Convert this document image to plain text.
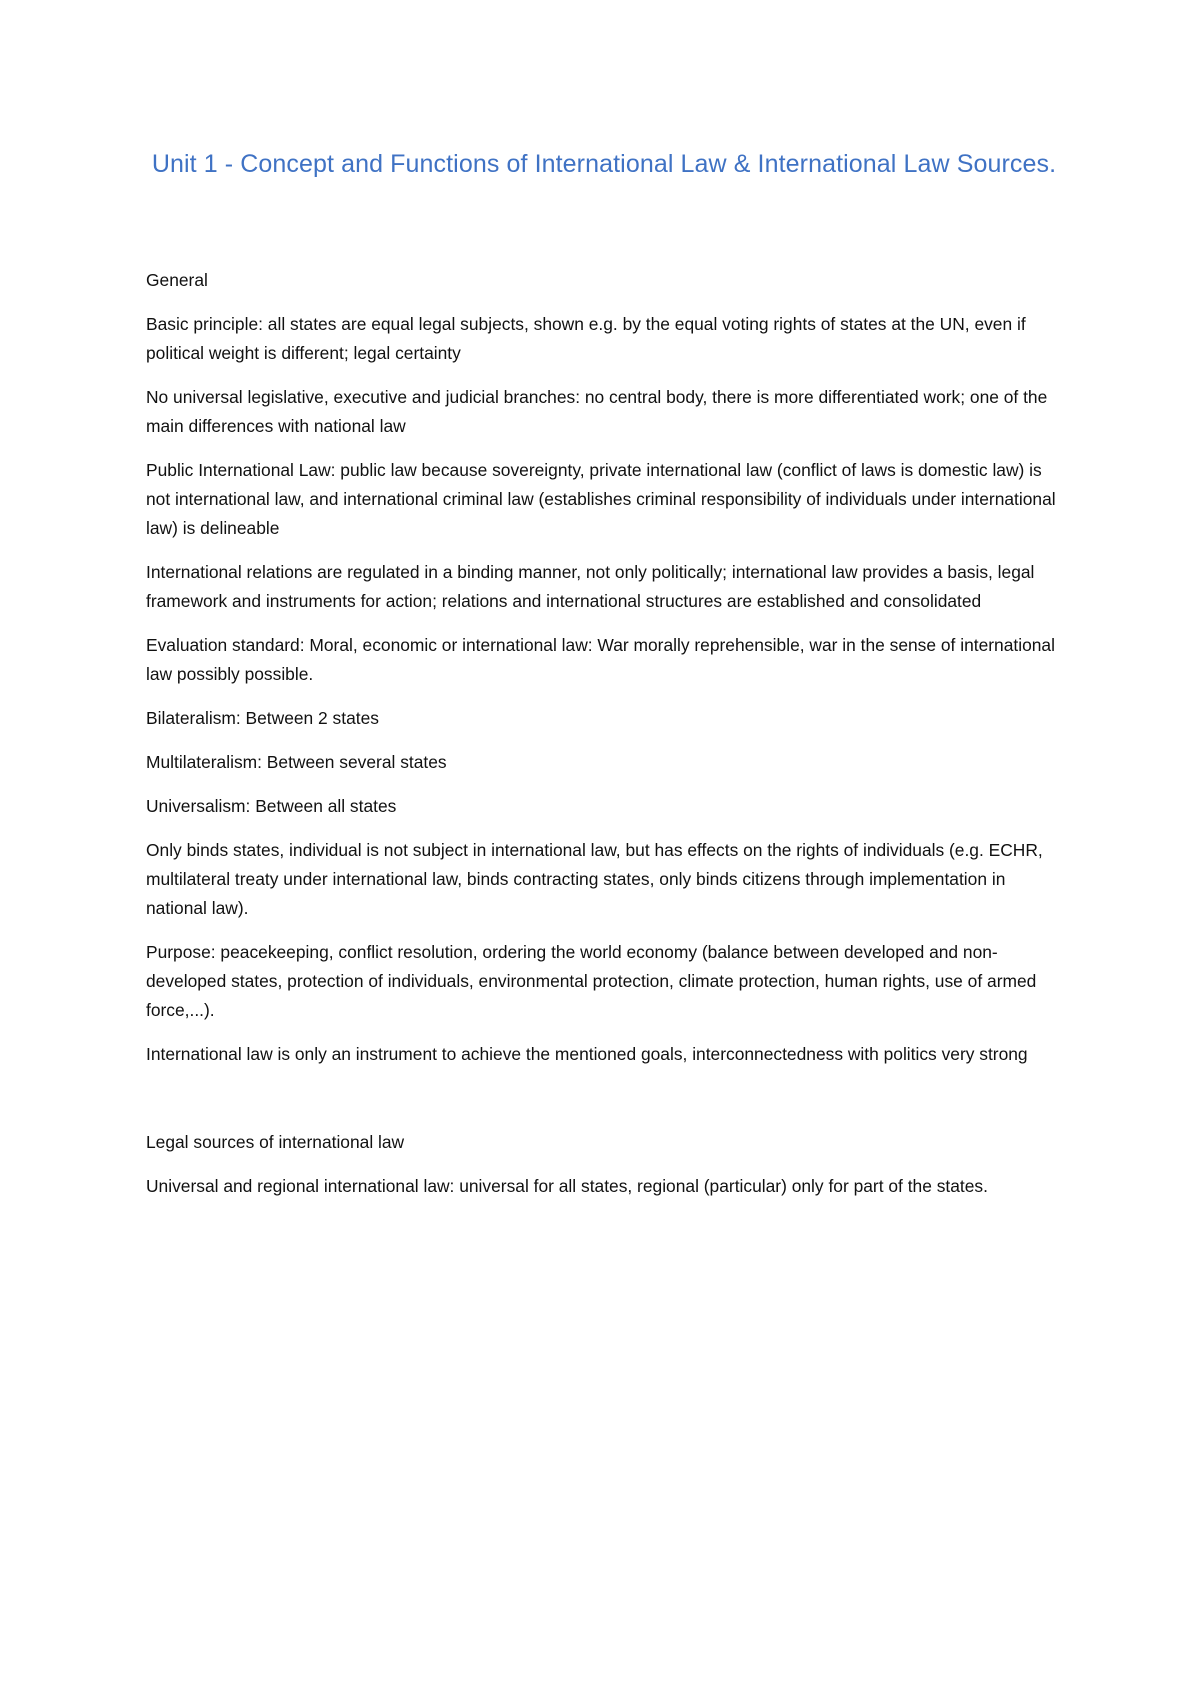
Unit 1 - Concept and Functions of International Law & International Law Sources.

General

Basic principle: all states are equal legal subjects, shown e.g. by the equal voting rights of states at the UN, even if political weight is different; legal certainty

No universal legislative, executive and judicial branches: no central body, there is more differentiated work; one of the main differences with national law

Public International Law: public law because sovereignty, private international law (conflict of laws is domestic law) is not international law, and international criminal law (establishes criminal responsibility of individuals under international law) is delineable

International relations are regulated in a binding manner, not only politically; international law provides a basis, legal framework and instruments for action; relations and international structures are established and consolidated

Evaluation standard: Moral, economic or international law: War morally reprehensible, war in the sense of international law possibly possible.

Bilateralism: Between 2 states

Multilateralism: Between several states

Universalism: Between all states

Only binds states, individual is not subject in international law, but has effects on the rights of individuals (e.g. ECHR, multilateral treaty under international law, binds contracting states, only binds citizens through implementation in national law).

Purpose: peacekeeping, conflict resolution, ordering the world economy (balance between developed and non-developed states, protection of individuals, environmental protection, climate protection, human rights, use of armed force,...).

International law is only an instrument to achieve the mentioned goals, interconnectedness with politics very strong

Legal sources of international law

Universal and regional international law: universal for all states, regional (particular) only for part of the states.
